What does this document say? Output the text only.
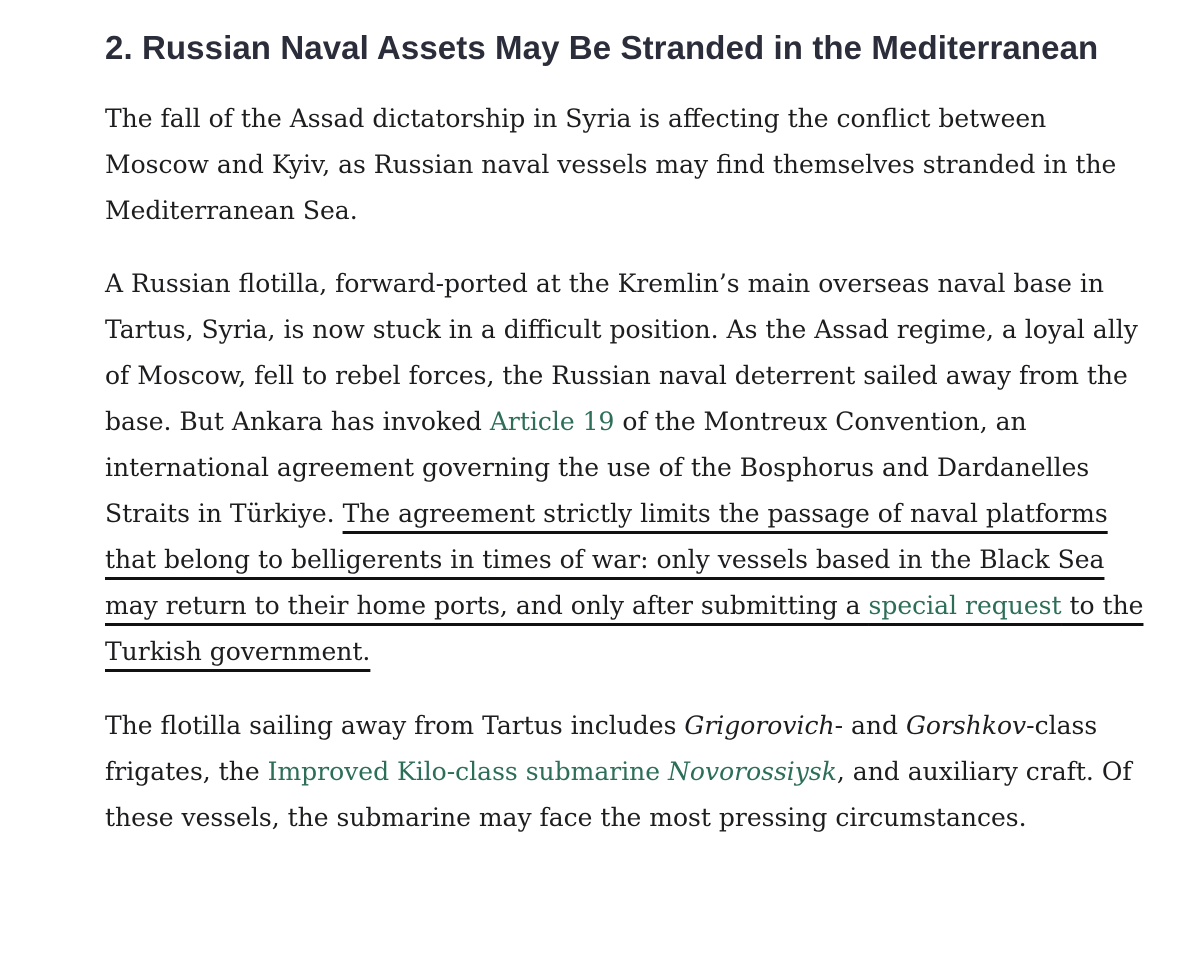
2. Russian Naval Assets May Be Stranded in the Mediterranean

The fall of the Assad dictatorship in Syria is affecting the conflict between Moscow and Kyiv, as Russian naval vessels may find themselves stranded in the Mediterranean Sea.

A Russian flotilla, forward-ported at the Kremlin’s main overseas naval base in Tartus, Syria, is now stuck in a difficult position. As the Assad regime, a loyal ally of Moscow, fell to rebel forces, the Russian naval deterrent sailed away from the base. But Ankara has invoked Article 19 of the Montreux Convention, an international agreement governing the use of the Bosphorus and Dardanelles Straits in Türkiye. The agreement strictly limits the passage of naval platforms that belong to belligerents in times of war: only vessels based in the Black Sea may return to their home ports, and only after submitting a special request to the Turkish government.

The flotilla sailing away from Tartus includes Grigorovich- and Gorshkov-class frigates, the Improved Kilo-class submarine Novorossiysk, and auxiliary craft. Of these vessels, the submarine may face the most pressing circumstances.
